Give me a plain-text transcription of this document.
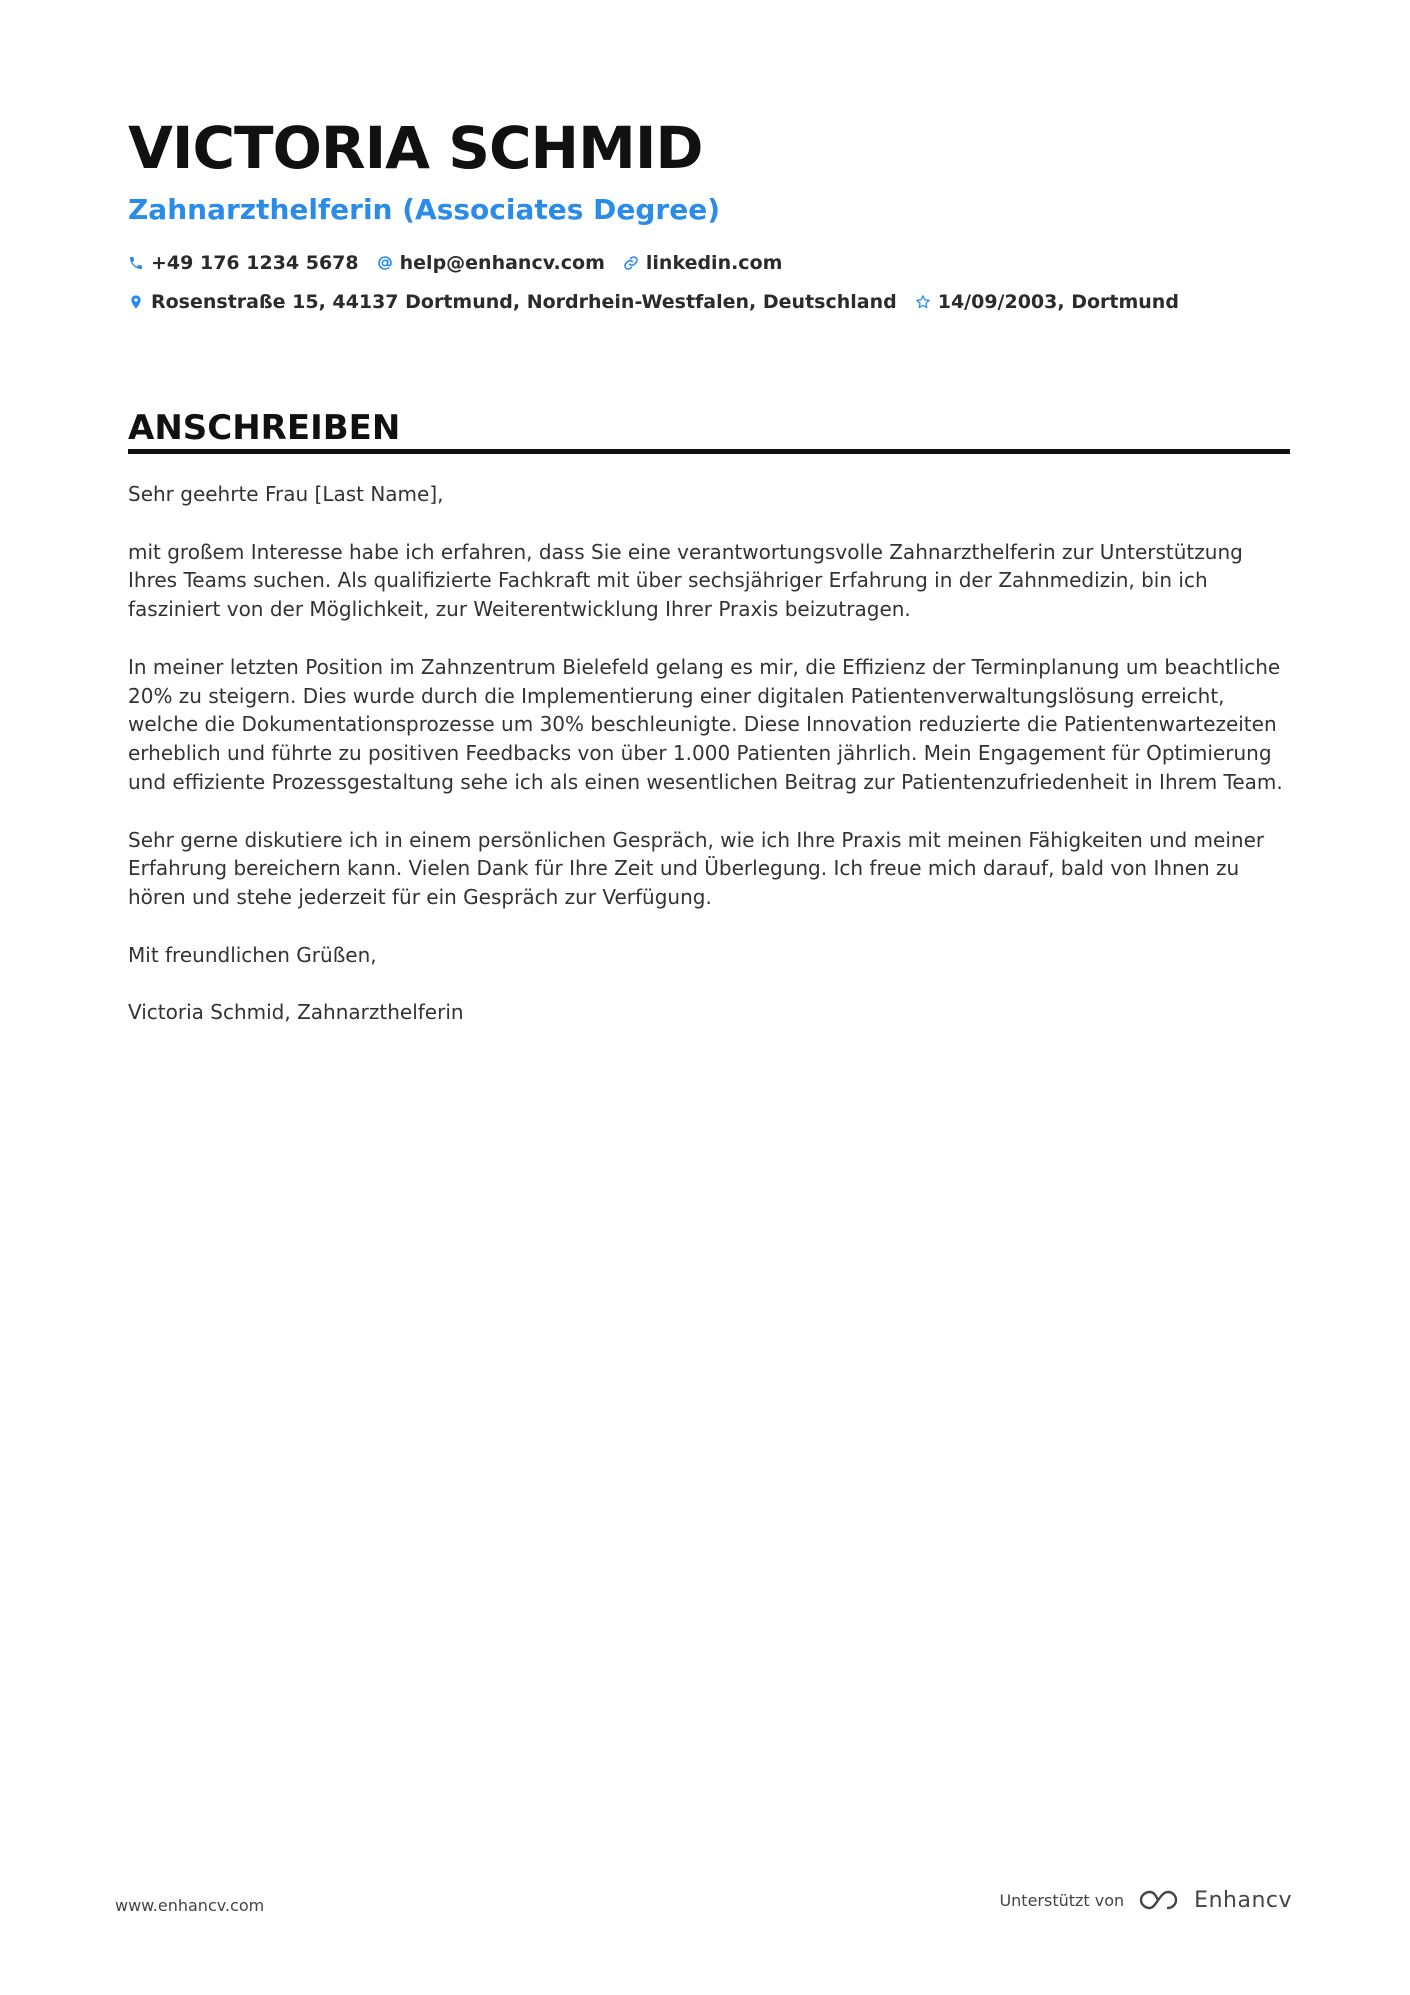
VICTORIA SCHMID
Zahnarzthelferin (Associates Degree)
+49 176 1234 5678 help@enhancv.com linkedin.com
Rosenstraße 15, 44137 Dortmund, Nordrhein-Westfalen, Deutschland 14/09/2003, Dortmund
ANSCHREIBEN

Sehr geehrte Frau [Last Name],

mit großem Interesse habe ich erfahren, dass Sie eine verantwortungsvolle Zahnarzthelferin zur Unterstützung Ihres Teams suchen. Als qualifizierte Fachkraft mit über sechsjähriger Erfahrung in der Zahnmedizin, bin ich fasziniert von der Möglichkeit, zur Weiterentwicklung Ihrer Praxis beizutragen.

In meiner letzten Position im Zahnzentrum Bielefeld gelang es mir, die Effizienz der Terminplanung um beachtliche 20% zu steigern. Dies wurde durch die Implementierung einer digitalen Patientenverwaltungslösung erreicht, welche die Dokumentationsprozesse um 30% beschleunigte. Diese Innovation reduzierte die Patientenwartezeiten erheblich und führte zu positiven Feedbacks von über 1.000 Patienten jährlich. Mein Engagement für Optimierung und effiziente Prozessgestaltung sehe ich als einen wesentlichen Beitrag zur Patientenzufriedenheit in Ihrem Team.

Sehr gerne diskutiere ich in einem persönlichen Gespräch, wie ich Ihre Praxis mit meinen Fähigkeiten und meiner Erfahrung bereichern kann. Vielen Dank für Ihre Zeit und Überlegung. Ich freue mich darauf, bald von Ihnen zu hören und stehe jederzeit für ein Gespräch zur Verfügung.

Mit freundlichen Grüßen,

Victoria Schmid, Zahnarzthelferin

www.enhancv.com	Unterstützt von	Enhancv
